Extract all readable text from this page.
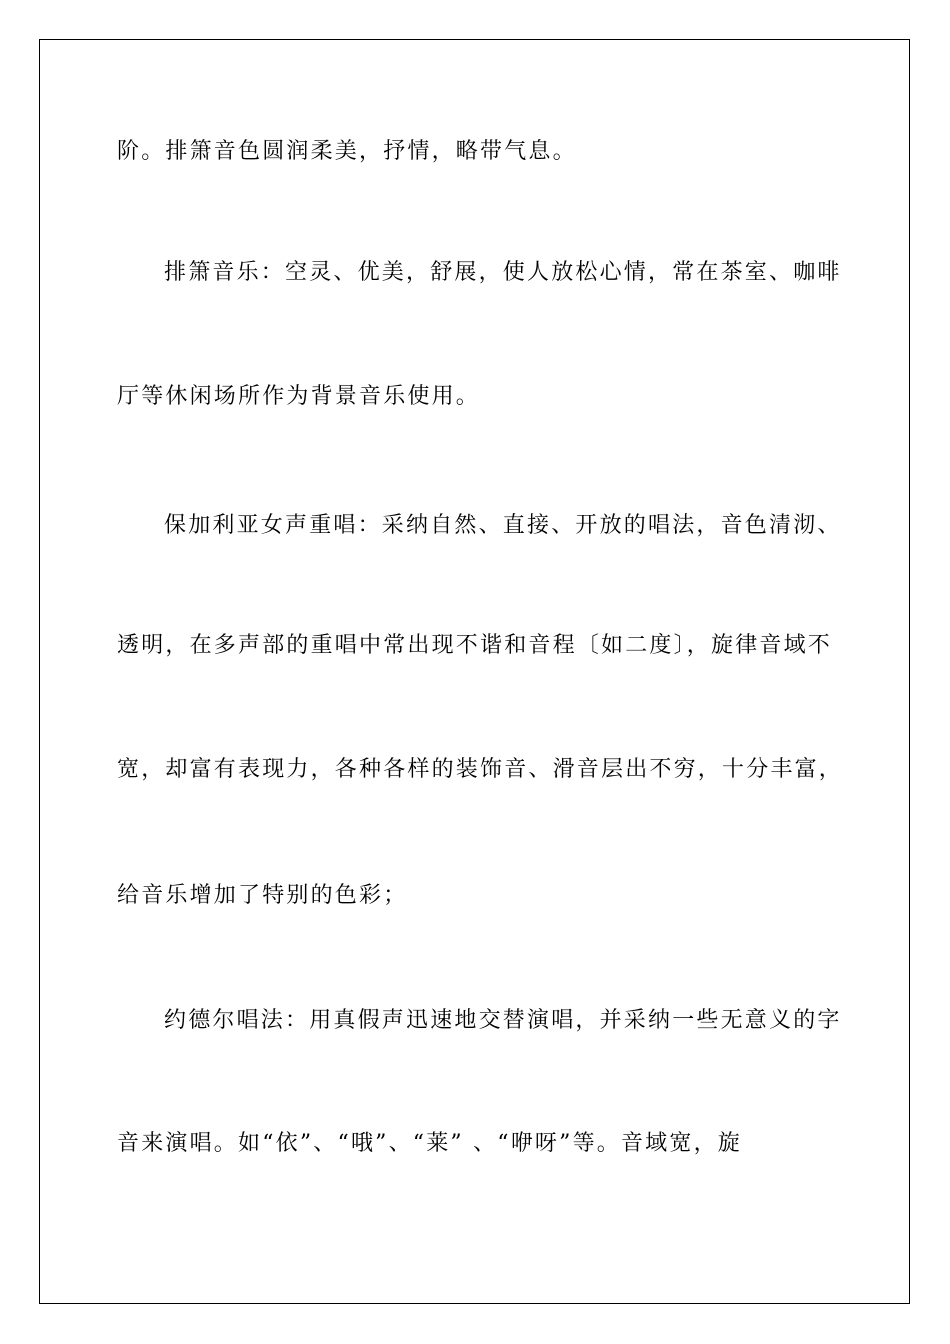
阶。排箫音色圆润柔美，抒情，略带气息。

排箫音乐：空灵、优美，舒展，使人放松心情，常在茶室、咖啡

厅等休闲场所作为背景音乐使用。

保加利亚女声重唱：采纳自然、直接、开放的唱法，音色清沏、

透明，在多声部的重唱中常出现不谐和音程〔如二度〕，旋律音域不

宽，却富有表现力，各种各样的装饰音、滑音层出不穷，十分丰富，

给音乐增加了特别的色彩；

约德尔唱法：用真假声迅速地交替演唱，并采纳一些无意义的字

音来演唱。如“依”、“哦”、“莱” 、“咿呀”等。音域宽，旋
